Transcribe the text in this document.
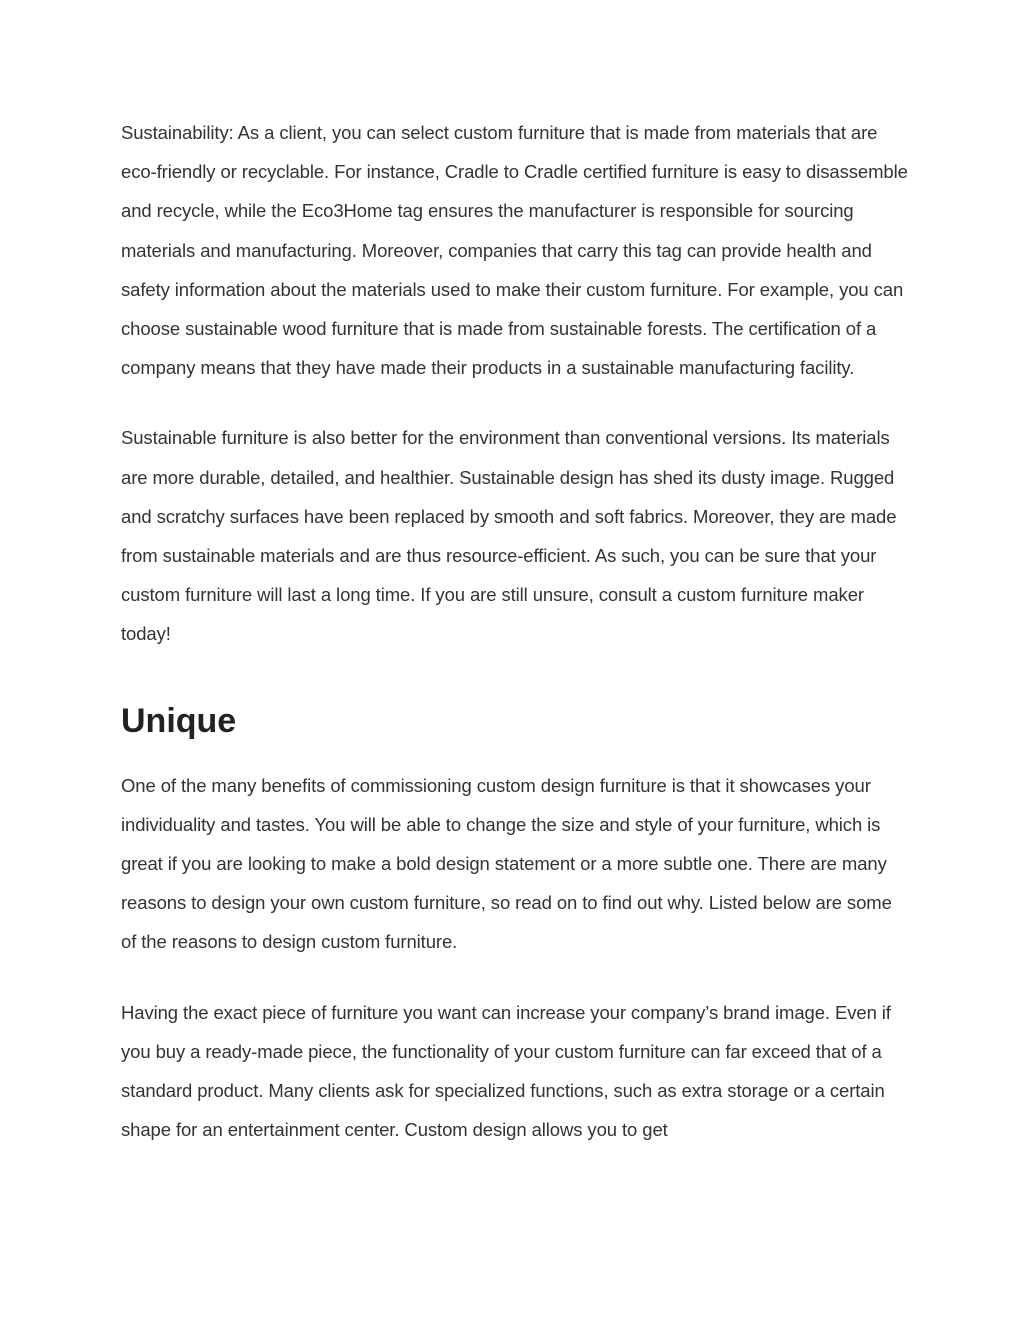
Sustainability: As a client, you can select custom furniture that is made from materials that are eco-friendly or recyclable. For instance, Cradle to Cradle certified furniture is easy to disassemble and recycle, while the Eco3Home tag ensures the manufacturer is responsible for sourcing materials and manufacturing. Moreover, companies that carry this tag can provide health and safety information about the materials used to make their custom furniture. For example, you can choose sustainable wood furniture that is made from sustainable forests. The certification of a company means that they have made their products in a sustainable manufacturing facility.

Sustainable furniture is also better for the environment than conventional versions. Its materials are more durable, detailed, and healthier. Sustainable design has shed its dusty image. Rugged and scratchy surfaces have been replaced by smooth and soft fabrics. Moreover, they are made from sustainable materials and are thus resource-efficient. As such, you can be sure that your custom furniture will last a long time. If you are still unsure, consult a custom furniture maker today!

Unique

One of the many benefits of commissioning custom design furniture is that it showcases your individuality and tastes. You will be able to change the size and style of your furniture, which is great if you are looking to make a bold design statement or a more subtle one. There are many reasons to design your own custom furniture, so read on to find out why. Listed below are some of the reasons to design custom furniture.

Having the exact piece of furniture you want can increase your company’s brand image. Even if you buy a ready-made piece, the functionality of your custom furniture can far exceed that of a standard product. Many clients ask for specialized functions, such as extra storage or a certain shape for an entertainment center. Custom design allows you to get
